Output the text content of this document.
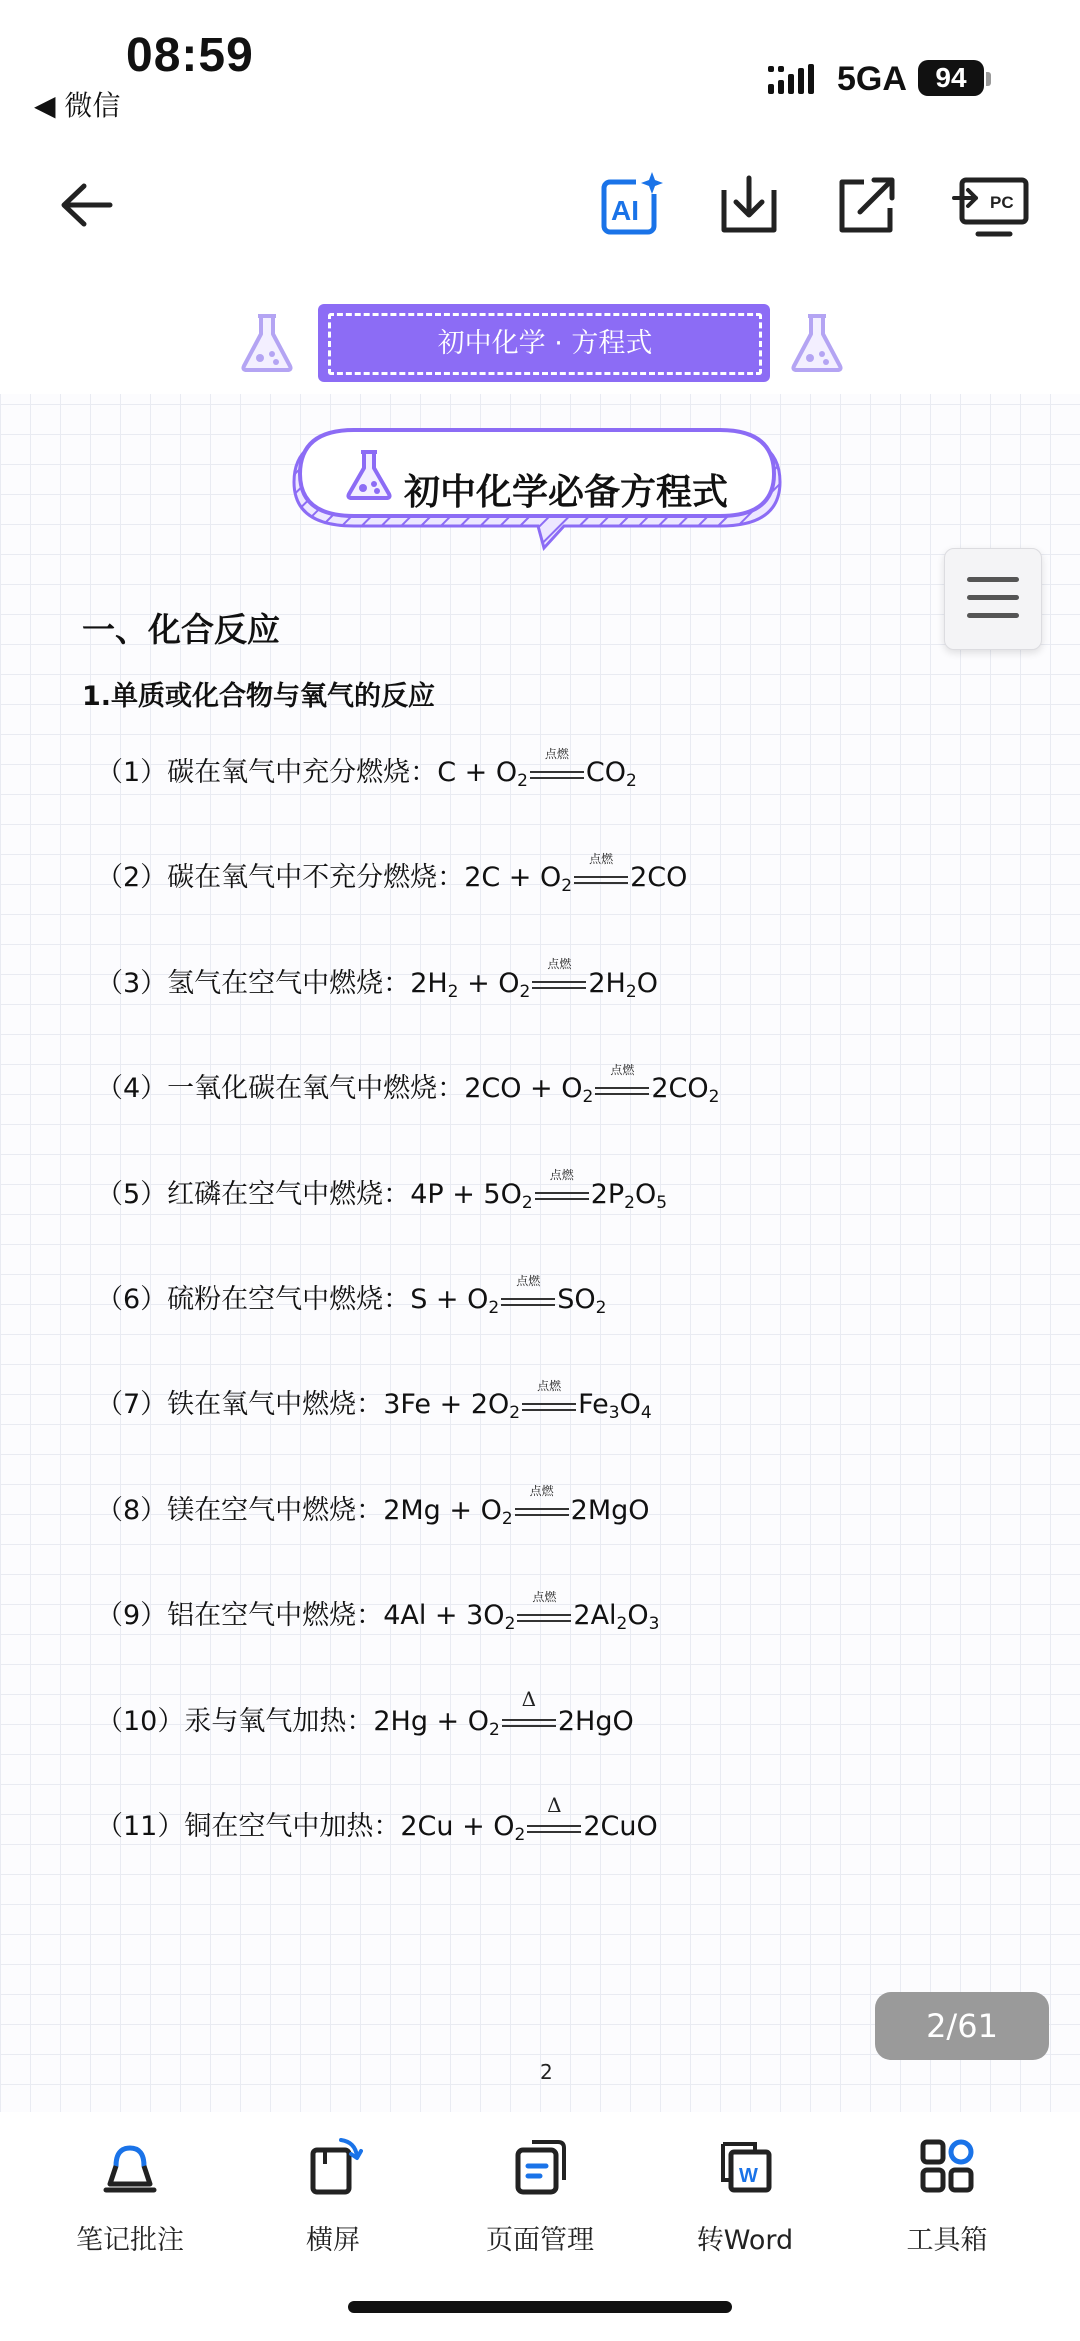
08:59
◀ 微信
5GA	94
AI	PC
初中化学 · 方程式
初中化学必备方程式
一、化合反应
1.单质或化合物与氧气的反应
（1）碳在氧气中充分燃烧：$C + O_2$
点燃
$CO_2$
（2）碳在氧气中不充分燃烧：$2C + O_2$
点燃
2CO
（3）氢气在空气中燃烧：$2H_2 + O_2$
点燃
$2H_2O$
（4）一氧化碳在氧气中燃烧：$2CO + O_2$
点燃
$2CO_2$
（5）红磷在空气中燃烧：$4P + 5O_2$
点燃
$2P_2O_5$
（6）硫粉在空气中燃烧：$S + O_2$
点燃
$SO_2$
（7）铁在氧气中燃烧：$3Fe + 2O_2$
点燃
$Fe_3O_4$
（8）镁在空气中燃烧：$2Mg + O_2$
点燃
2MgO
（9）铝在空气中燃烧：$4Al + 3O_2$
点燃
$2Al_2O_3$
（10）汞与氧气加热：$2Hg + O_2$
Δ
2HgO
（11）铜在空气中加热：$2Cu + O_2$
Δ
2CuO
2/61
2
笔记批注	横屏	页面管理
W
转Word	工具箱
